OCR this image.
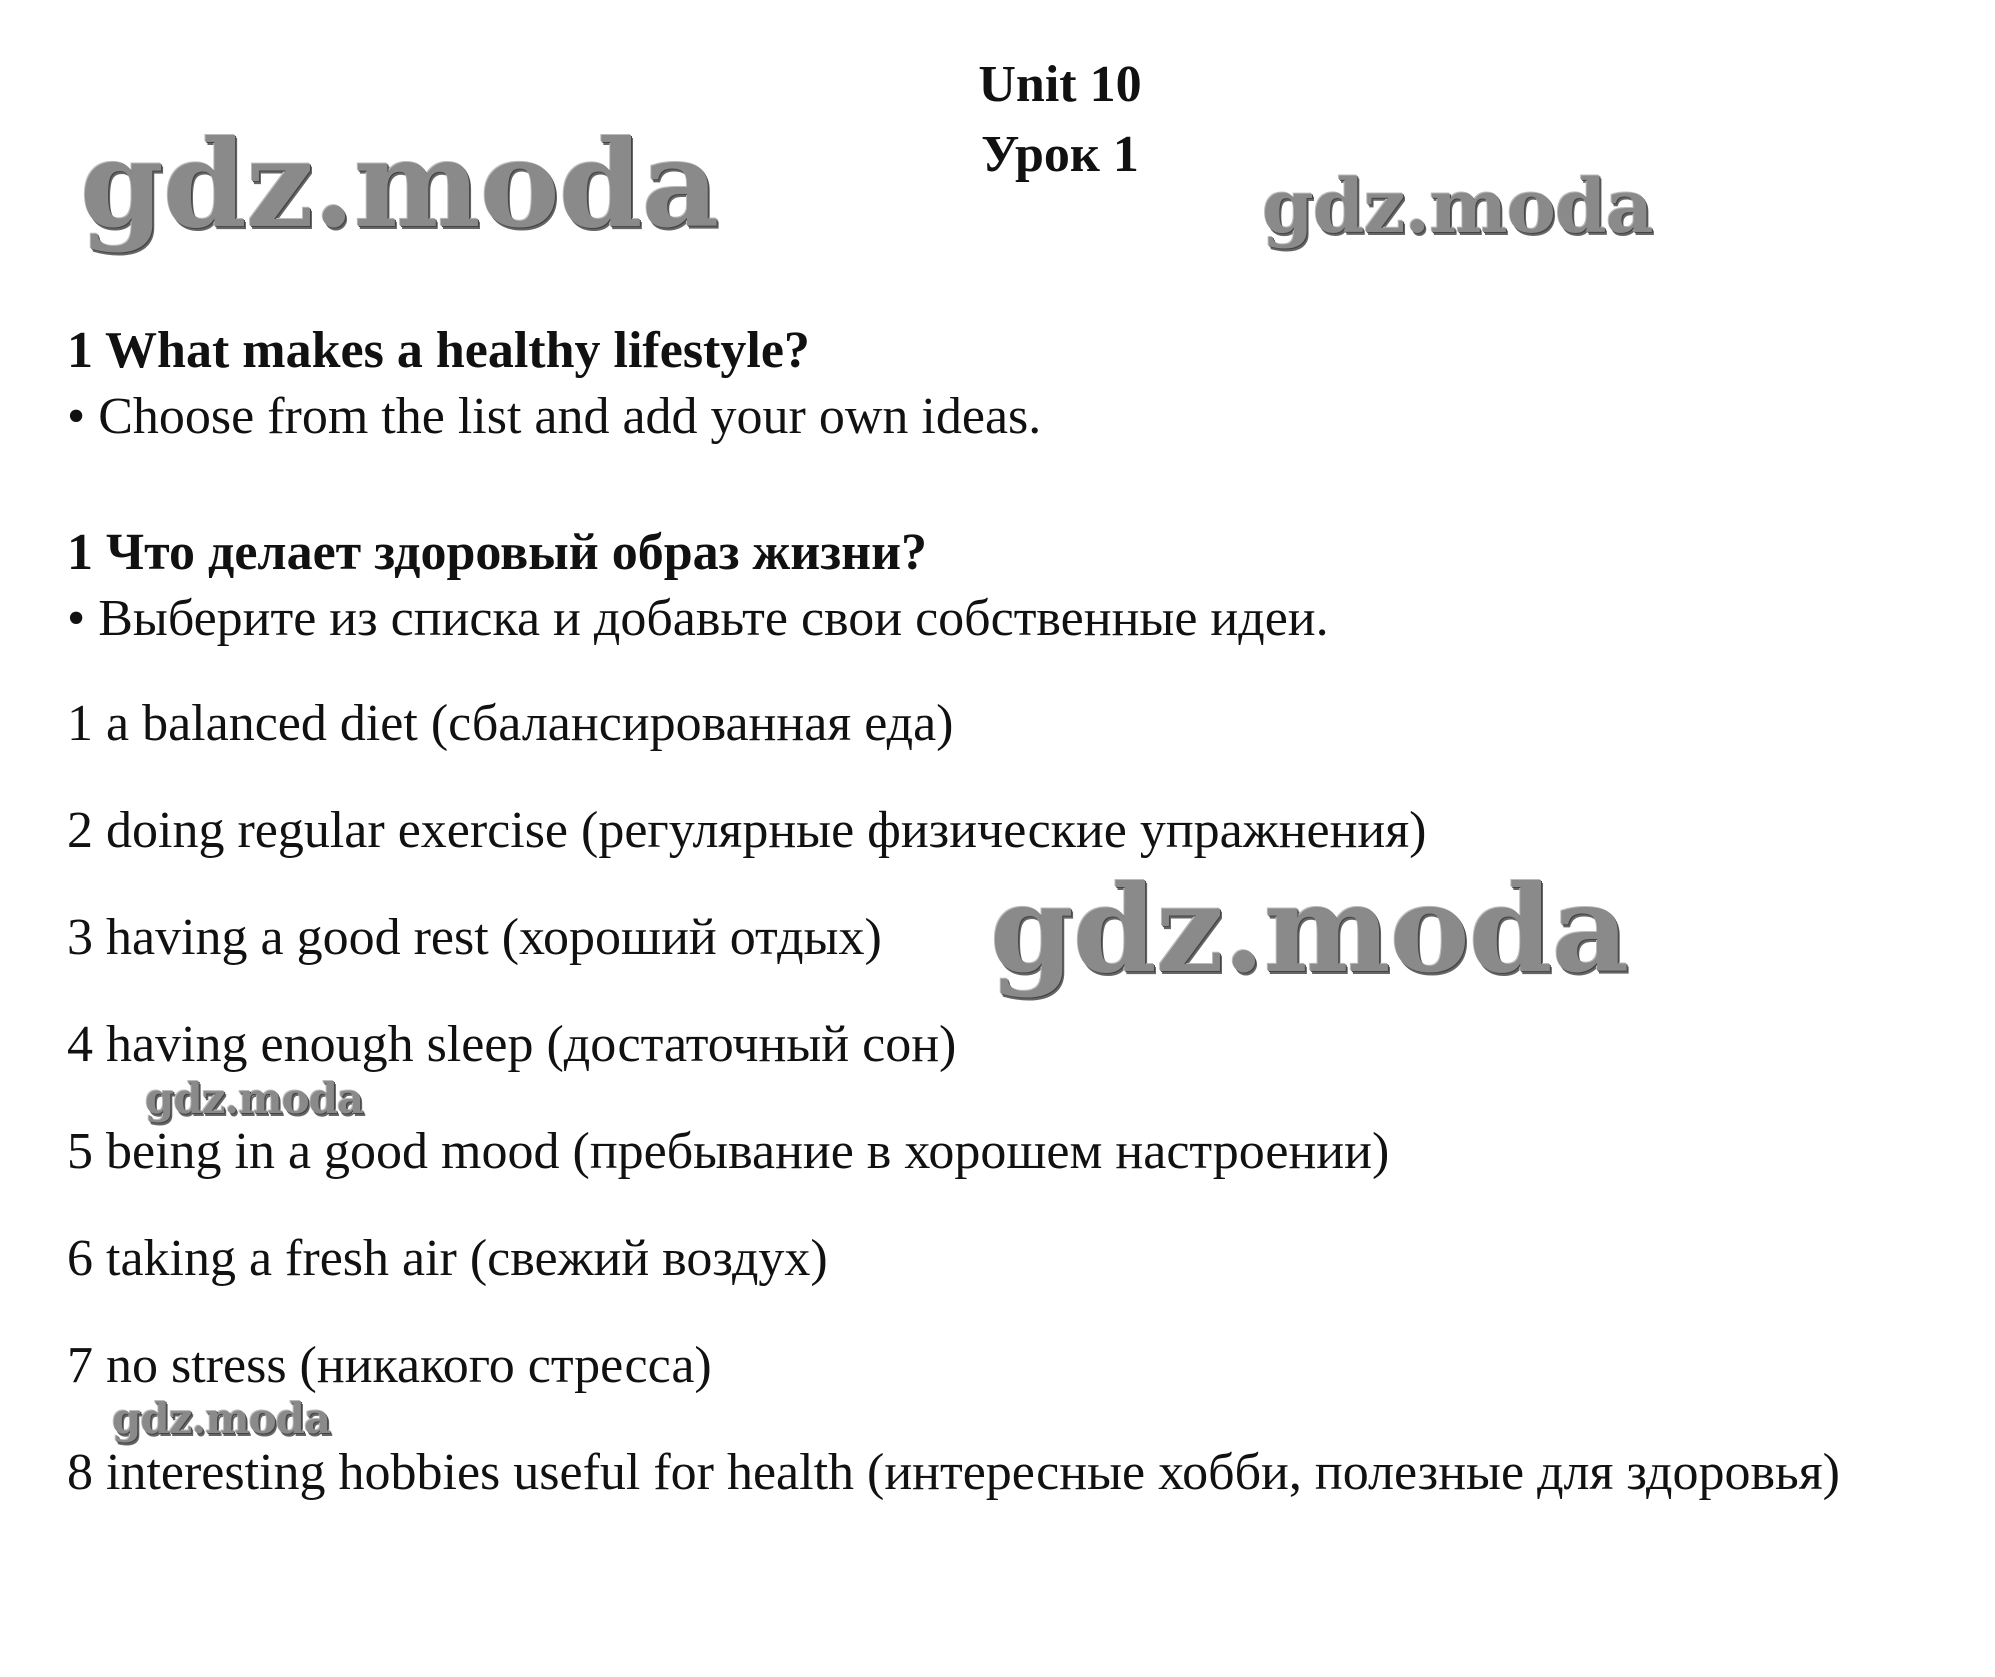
Unit 10
Урок 1
gdz.moda	gdz.moda
gdz.moda
gdz.moda
gdz.moda
1 What makes a healthy lifestyle?
• Choose from the list and add your own ideas.
1 Что делает здоровый образ жизни?
• Выберите из списка и добавьте свои собственные идеи.
1 a balanced diet (сбалансированная еда)
2 doing regular exercise (регулярные физические упражнения)
3 having a good rest (хороший отдых)
4 having enough sleep (достаточный сон)
5 being in a good mood (пребывание в хорошем настроении)
6 taking a fresh air (свежий воздух)
7 no stress (никакого стресса)
8 interesting hobbies useful for health (интересные хобби, полезные для здоровья)
